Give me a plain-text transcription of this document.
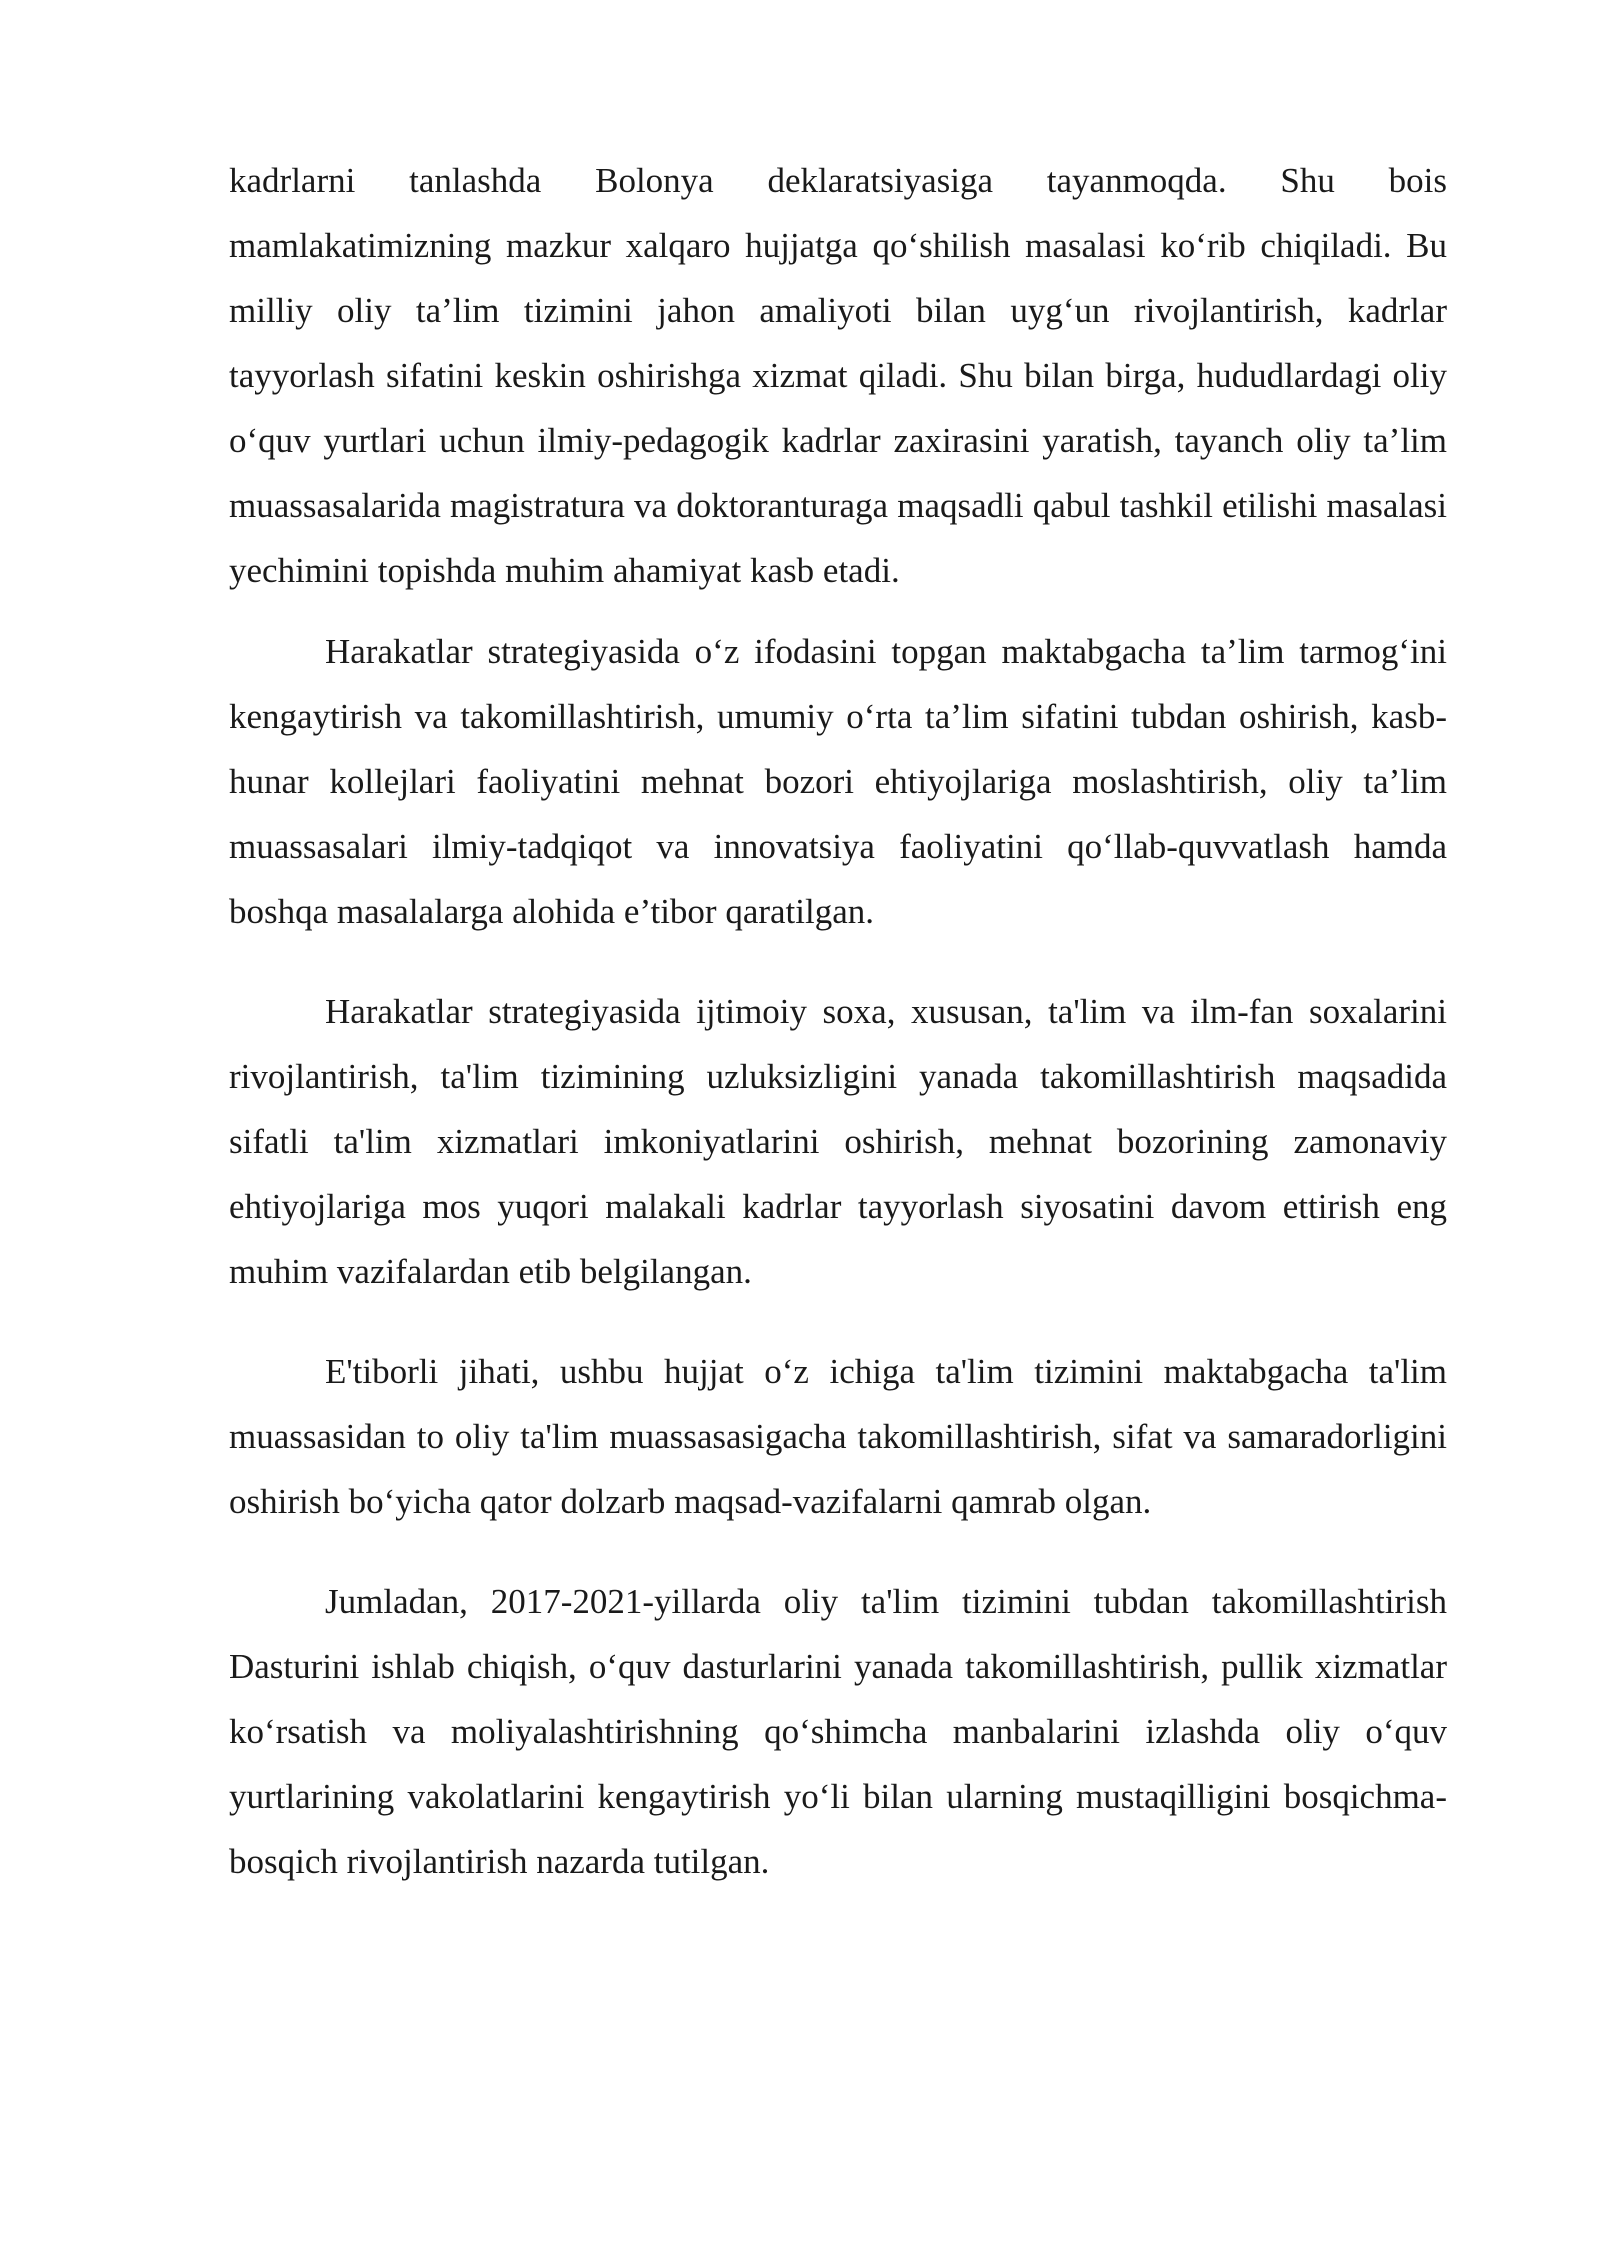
kadrlarni tanlashda Bolonya deklaratsiyasiga tayanmoqda. Shu bois mamlakatimizning mazkur xalqaro hujjatga qo‘shilish masalasi ko‘rib chiqiladi. Bu milliy oliy ta’lim tizimini jahon amaliyoti bilan uyg‘un rivojlantirish, kadrlar tayyorlash sifatini keskin oshirishga xizmat qiladi. Shu bilan birga, hududlardagi oliy o‘quv yurtlari uchun ilmiy-pedagogik kadrlar zaxirasini yaratish, tayanch oliy ta’lim muassasalarida magistratura va doktoranturaga maqsadli qabul tashkil etilishi masalasi yechimini topishda muhim ahamiyat kasb etadi.

Harakatlar strategiyasida o‘z ifodasini topgan maktabgacha ta’lim tarmog‘ini kengaytirish va takomillashtirish, umumiy o‘rta ta’lim sifatini tubdan oshirish, kasb-hunar kollejlari faoliyatini mehnat bozori ehtiyojlariga moslashtirish, oliy ta’lim muassasalari ilmiy-tadqiqot va innovatsiya faoliyatini qo‘llab-quvvatlash hamda boshqa masalalarga alohida e’tibor qaratilgan.

Harakatlar strategiyasida ijtimoiy soxa, xususan, ta'lim va ilm-fan soxalarini rivojlantirish, ta'lim tizimining uzluksizligini yanada takomillashtirish maqsadida sifatli ta'lim xizmatlari imkoniyatlarini oshirish, mehnat bozorining zamonaviy ehtiyojlariga mos yuqori malakali kadrlar tayyorlash siyosatini davom ettirish eng muhim vazifalardan etib belgilangan.

E'tiborli jihati, ushbu hujjat o‘z ichiga ta'lim tizimini maktabgacha ta'lim muassasidan to oliy ta'lim muassasasigacha takomillashtirish, sifat va samaradorligini oshirish bo‘yicha qator dolzarb maqsad-vazifalarni qamrab olgan.

Jumladan, 2017-2021-yillarda oliy ta'lim tizimini tubdan takomillashtirish Dasturini ishlab chiqish, o‘quv dasturlarini yanada takomillashtirish, pullik xizmatlar ko‘rsatish va moliyalashtirishning qo‘shimcha manbalarini izlashda oliy o‘quv yurtlarining vakolatlarini kengaytirish yo‘li bilan ularning mustaqilligini bosqichma-bosqich rivojlantirish nazarda tutilgan.
